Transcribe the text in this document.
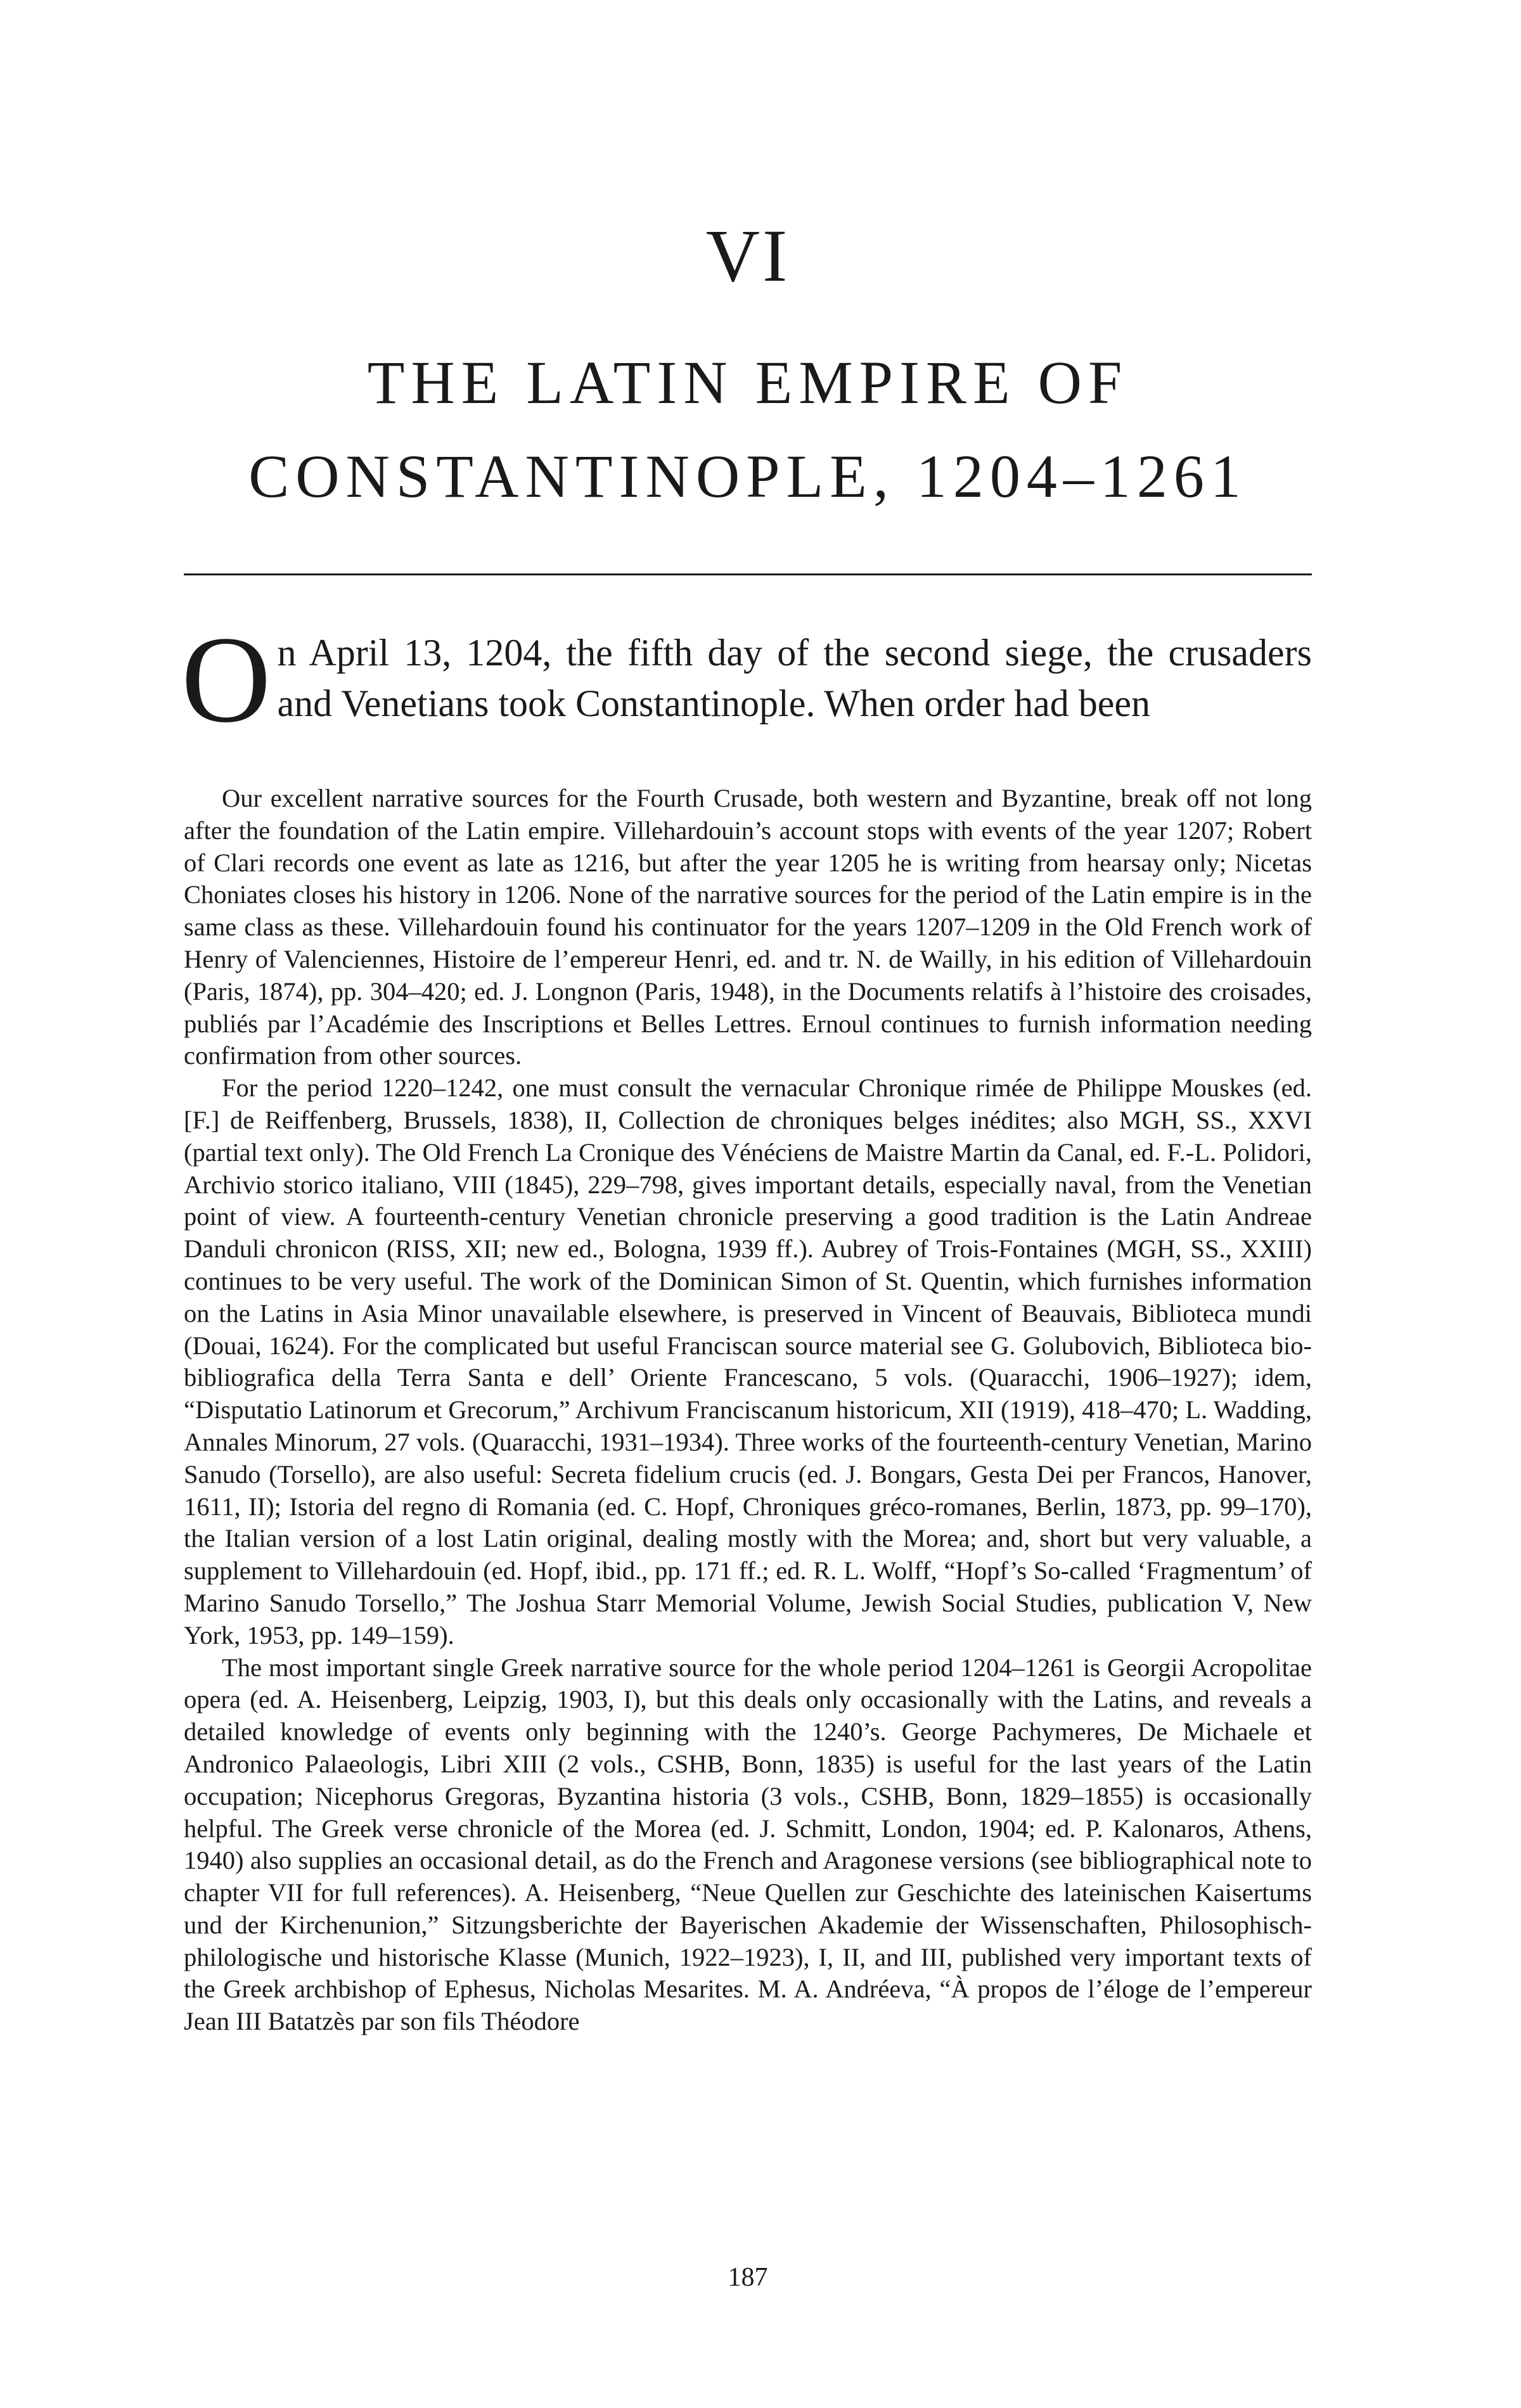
VI
THE LATIN EMPIRE OF
CONSTANTINOPLE, 1204–1261
On April 13, 1204, the fifth day of the second siege, the crusaders and Venetians took Constantinople. When order had been

Our excellent narrative sources for the Fourth Crusade, both western and Byzantine, break off not long after the foundation of the Latin empire. Villehardouin’s account stops with events of the year 1207; Robert of Clari records one event as late as 1216, but after the year 1205 he is writing from hearsay only; Nicetas Choniates closes his history in 1206. None of the narrative sources for the period of the Latin empire is in the same class as these. Villehardouin found his continuator for the years 1207–1209 in the Old French work of Henry of Valenciennes, Histoire de l’empereur Henri, ed. and tr. N. de Wailly, in his edition of Villehardouin (Paris, 1874), pp. 304–420; ed. J. Longnon (Paris, 1948), in the Documents relatifs à l’histoire des croisades, publiés par l’Académie des Inscriptions et Belles Lettres. Ernoul continues to furnish information needing confirmation from other sources.

For the period 1220–1242, one must consult the vernacular Chronique rimée de Philippe Mouskes (ed. [F.] de Reiffenberg, Brussels, 1838), II, Collection de chroniques belges inédites; also MGH, SS., XXVI (partial text only). The Old French La Cronique des Vénéciens de Maistre Martin da Canal, ed. F.-L. Polidori, Archivio storico italiano, VIII (1845), 229–798, gives important details, especially naval, from the Venetian point of view. A fourteenth-century Venetian chronicle preserving a good tradition is the Latin Andreae Danduli chronicon (RISS, XII; new ed., Bologna, 1939 ff.). Aubrey of Trois-Fontaines (MGH, SS., XXIII) continues to be very useful. The work of the Dominican Simon of St. Quentin, which furnishes information on the Latins in Asia Minor unavailable elsewhere, is preserved in Vincent of Beauvais, Biblioteca mundi (Douai, 1624). For the complicated but useful Franciscan source material see G. Golubovich, Biblioteca bio-bibliografica della Terra Santa e dell’ Oriente Francescano, 5 vols. (Quaracchi, 1906–1927); idem, “Disputatio Latinorum et Grecorum,” Archivum Franciscanum historicum, XII (1919), 418–470; L. Wadding, Annales Minorum, 27 vols. (Quaracchi, 1931–1934). Three works of the fourteenth-century Venetian, Marino Sanudo (Torsello), are also useful: Secreta fidelium crucis (ed. J. Bongars, Gesta Dei per Francos, Hanover, 1611, II); Istoria del regno di Romania (ed. C. Hopf, Chroniques gréco-romanes, Berlin, 1873, pp. 99–170), the Italian version of a lost Latin original, dealing mostly with the Morea; and, short but very valuable, a supplement to Villehardouin (ed. Hopf, ibid., pp. 171 ff.; ed. R. L. Wolff, “Hopf’s So-called ‘Fragmentum’ of Marino Sanudo Torsello,” The Joshua Starr Memorial Volume, Jewish Social Studies, publication V, New York, 1953, pp. 149–159).

The most important single Greek narrative source for the whole period 1204–1261 is Georgii Acropolitae opera (ed. A. Heisenberg, Leipzig, 1903, I), but this deals only occasionally with the Latins, and reveals a detailed knowledge of events only beginning with the 1240’s. George Pachymeres, De Michaele et Andronico Palaeologis, Libri XIII (2 vols., CSHB, Bonn, 1835) is useful for the last years of the Latin occupation; Nicephorus Gregoras, Byzantina historia (3 vols., CSHB, Bonn, 1829–1855) is occasionally helpful. The Greek verse chronicle of the Morea (ed. J. Schmitt, London, 1904; ed. P. Kalonaros, Athens, 1940) also supplies an occasional detail, as do the French and Aragonese versions (see bibliographical note to chapter VII for full references). A. Heisenberg, “Neue Quellen zur Geschichte des lateinischen Kaisertums und der Kirchenunion,” Sitzungsberichte der Bayerischen Akademie der Wissenschaften, Philosophisch-philologische und historische Klasse (Munich, 1922–1923), I, II, and III, published very important texts of the Greek archbishop of Ephesus, Nicholas Mesarites. M. A. Andréeva, “À propos de l’éloge de l’empereur Jean III Batatzès par son fils Théodore

187
